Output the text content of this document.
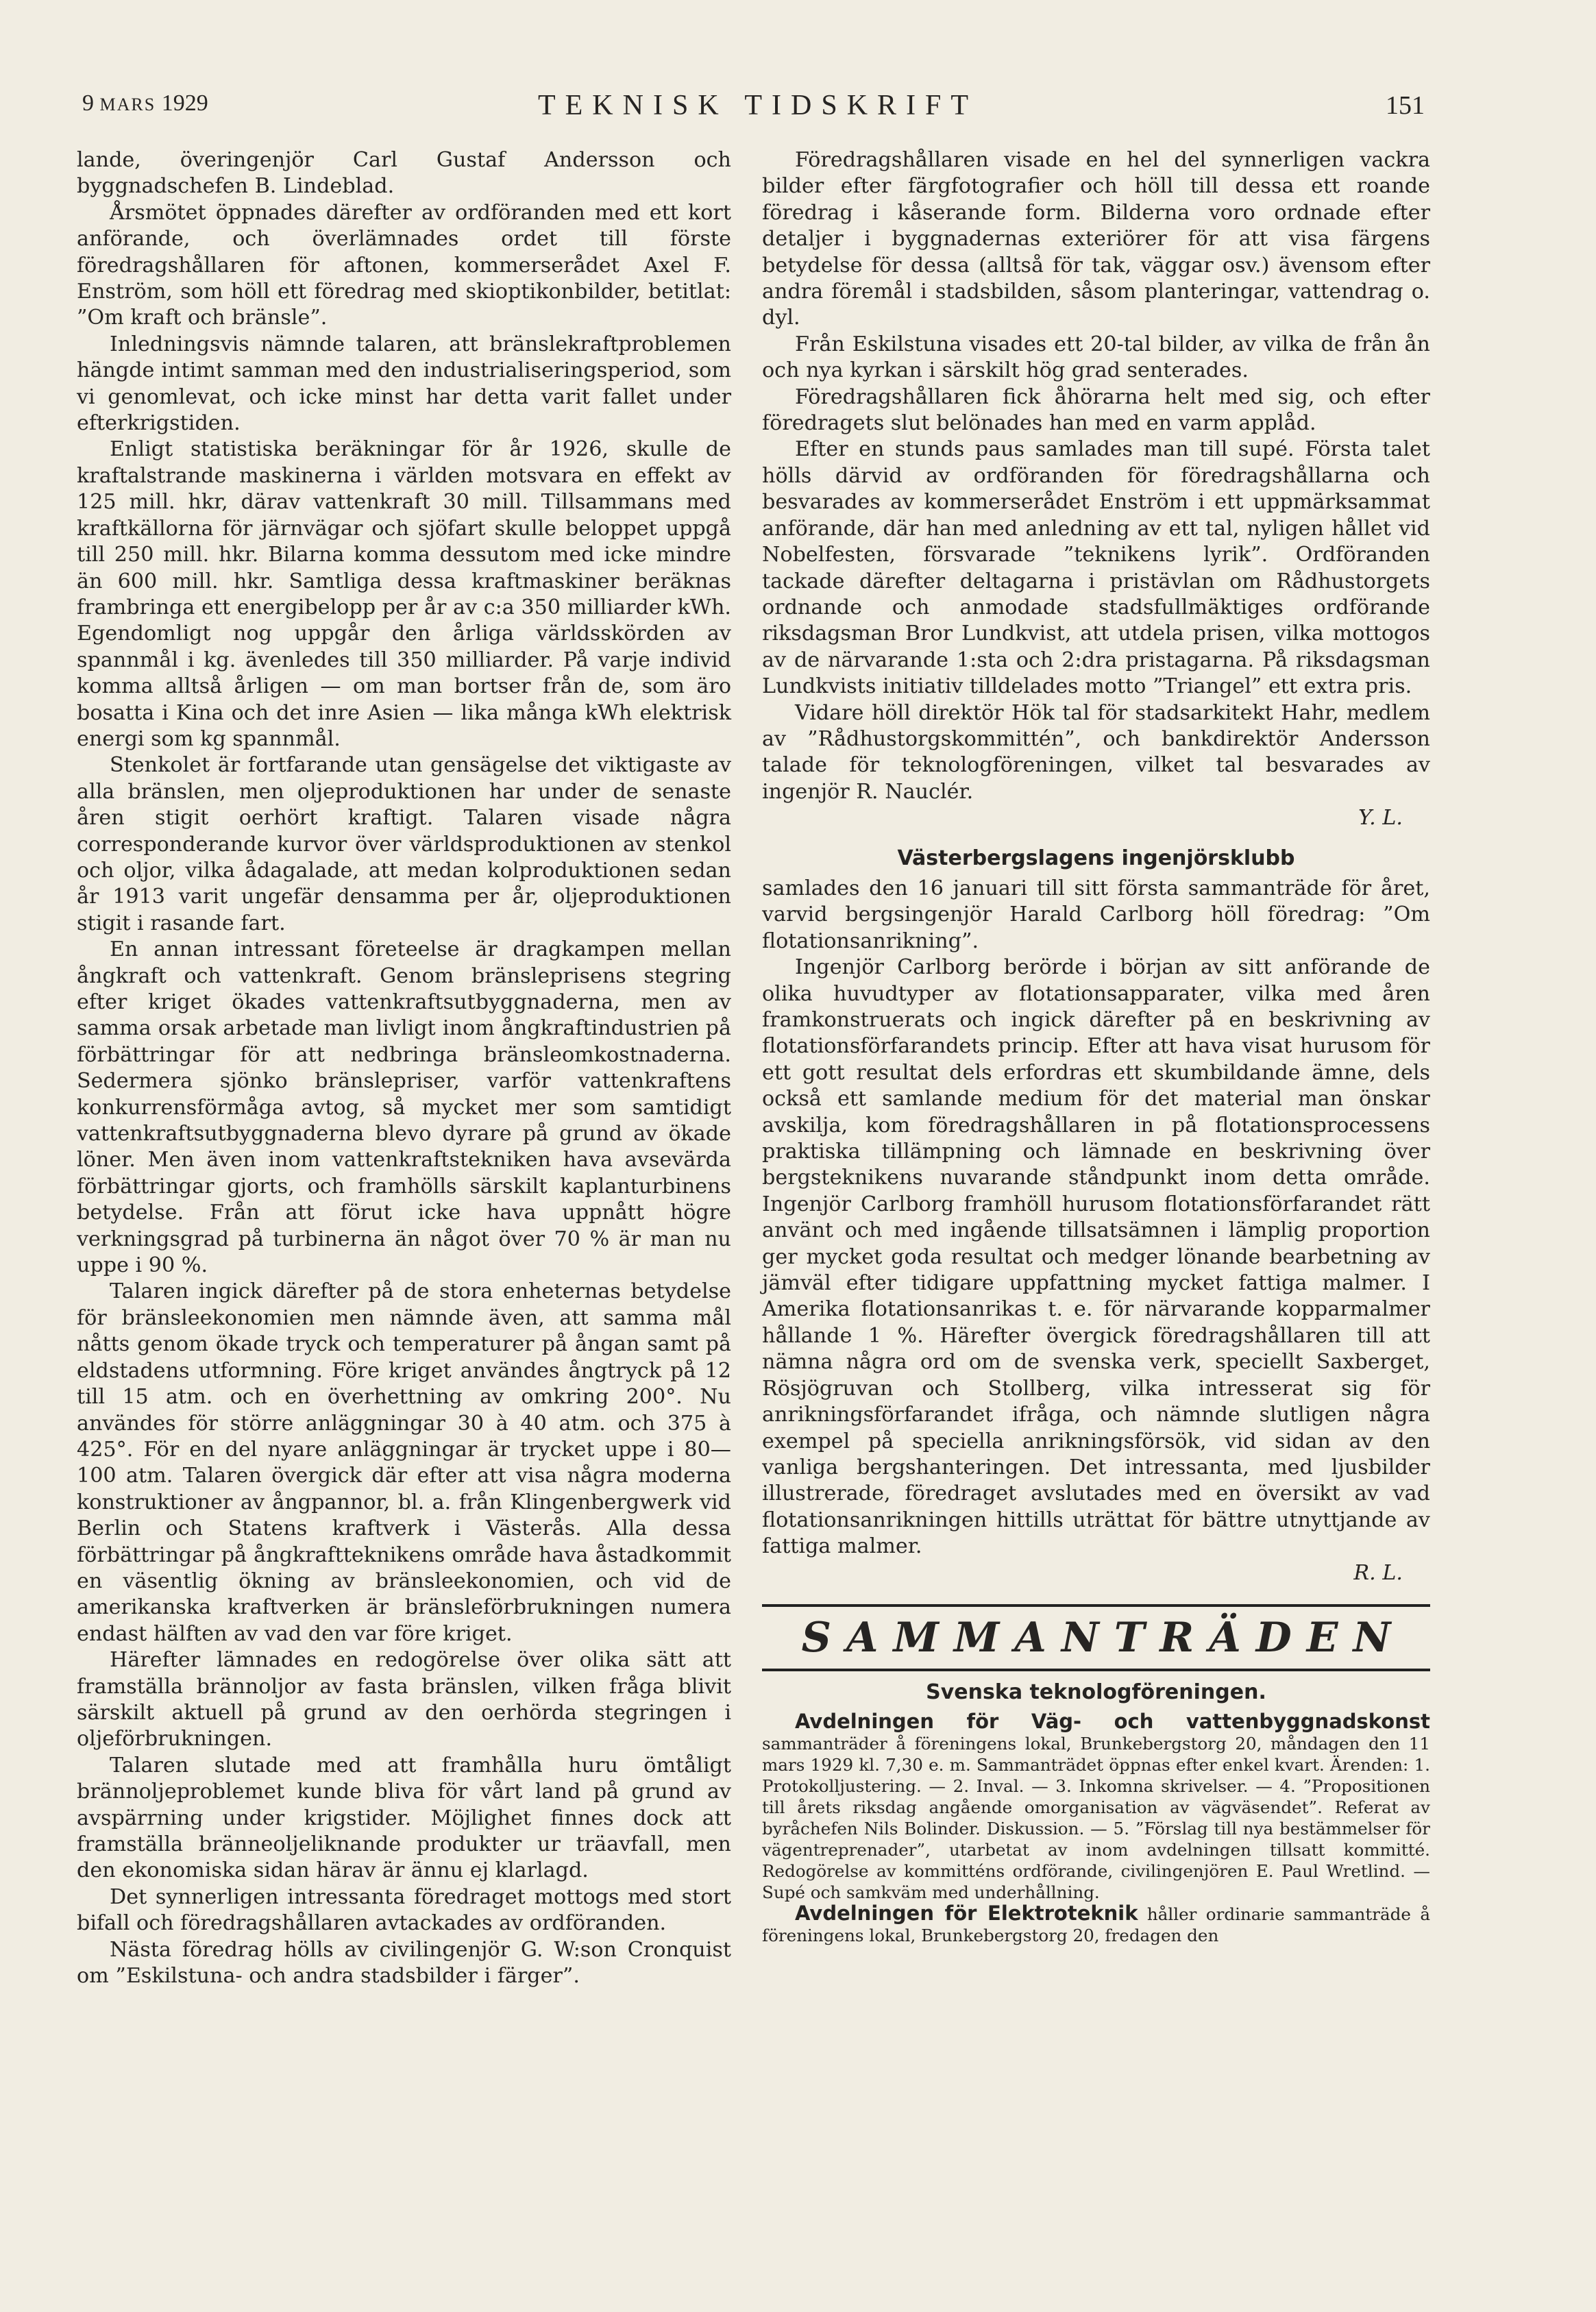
9 MARS 1929	TEKNISK TIDSKRIFT	151

lande, överingenjör Carl Gustaf Andersson och byggnadschefen B. Lindeblad.

Årsmötet öppnades därefter av ordföranden med ett kort anförande, och överlämnades ordet till förste föredragshållaren för aftonen, kommerserådet Axel F. Enström, som höll ett föredrag med skioptikonbilder, betitlat: ”Om kraft och bränsle”.

Inledningsvis nämnde talaren, att bränslekraftproblemen hängde intimt samman med den industrialiseringsperiod, som vi genomlevat, och icke minst har detta varit fallet under efterkrigstiden.

Enligt statistiska beräkningar för år 1926, skulle de kraftalstrande maskinerna i världen motsvara en effekt av 125 mill. hkr, därav vattenkraft 30 mill. Tillsammans med kraftkällorna för järnvägar och sjöfart skulle beloppet uppgå till 250 mill. hkr. Bilarna komma dessutom med icke mindre än 600 mill. hkr. Samtliga dessa kraftmaskiner beräknas frambringa ett energibelopp per år av c:a 350 milliarder kWh. Egendomligt nog uppgår den årliga världsskörden av spannmål i kg. ävenledes till 350 milliarder. På varje individ komma alltså årligen — om man bortser från de, som äro bosatta i Kina och det inre Asien — lika många kWh elektrisk energi som kg spannmål.

Stenkolet är fortfarande utan gensägelse det viktigaste av alla bränslen, men oljeproduktionen har under de senaste åren stigit oerhört kraftigt. Talaren visade några corresponderande kurvor över världsproduktionen av stenkol och oljor, vilka ådagalade, att medan kolproduktionen sedan år 1913 varit ungefär densamma per år, oljeproduktionen stigit i rasande fart.

En annan intressant företeelse är dragkampen mellan ångkraft och vattenkraft. Genom bränsleprisens stegring efter kriget ökades vattenkraftsutbyggnaderna, men av samma orsak arbetade man livligt inom ångkraftindustrien på förbättringar för att nedbringa bränsleomkostnaderna. Sedermera sjönko bränslepriser, varför vattenkraftens konkurrensförmåga avtog, så mycket mer som samtidigt vattenkraftsutbyggnaderna blevo dyrare på grund av ökade löner. Men även inom vattenkraftstekniken hava avsevärda förbättringar gjorts, och framhölls särskilt kaplanturbinens betydelse. Från att förut icke hava uppnått högre verkningsgrad på turbinerna än något över 70 % är man nu uppe i 90 %.

Talaren ingick därefter på de stora enheternas betydelse för bränsleekonomien men nämnde även, att samma mål nåtts genom ökade tryck och temperaturer på ångan samt på eldstadens utformning. Före kriget användes ångtryck på 12 till 15 atm. och en överhettning av omkring 200°. Nu användes för större anläggningar 30 à 40 atm. och 375 à 425°. För en del nyare anläggningar är trycket uppe i 80—100 atm. Talaren övergick där efter att visa några moderna konstruktioner av ångpannor, bl. a. från Klingenbergwerk vid Berlin och Statens kraftverk i Västerås. Alla dessa förbättringar på ångkraftteknikens område hava åstadkommit en väsentlig ökning av bränsleekonomien, och vid de amerikanska kraftverken är bränsleförbrukningen numera endast hälften av vad den var före kriget.

Härefter lämnades en redogörelse över olika sätt att framställa brännoljor av fasta bränslen, vilken fråga blivit särskilt aktuell på grund av den oerhörda stegringen i oljeförbrukningen.

Talaren slutade med att framhålla huru ömtåligt brännoljeproblemet kunde bliva för vårt land på grund av avspärrning under krigstider. Möjlighet finnes dock att framställa bränneoljeliknande produkter ur träavfall, men den ekonomiska sidan härav är ännu ej klarlagd.

Det synnerligen intressanta föredraget mottogs med stort bifall och föredragshållaren avtackades av ordföranden.

Nästa föredrag hölls av civilingenjör G. W:son Cronquist om ”Eskilstuna- och andra stadsbilder i färger”.

Föredragshållaren visade en hel del synnerligen vackra bilder efter färgfotografier och höll till dessa ett roande föredrag i kåserande form. Bilderna voro ordnade efter detaljer i byggnadernas exteriörer för att visa färgens betydelse för dessa (alltså för tak, väggar osv.) ävensom efter andra föremål i stadsbilden, såsom planteringar, vattendrag o. dyl.

Från Eskilstuna visades ett 20-tal bilder, av vilka de från ån och nya kyrkan i särskilt hög grad senterades.

Föredragshållaren fick åhörarna helt med sig, och efter föredragets slut belönades han med en varm applåd.

Efter en stunds paus samlades man till supé. Första talet hölls därvid av ordföranden för föredragshållarna och besvarades av kommerserådet Enström i ett uppmärksammat anförande, där han med anledning av ett tal, nyligen hållet vid Nobelfesten, försvarade ”teknikens lyrik”. Ordföranden tackade därefter deltagarna i pristävlan om Rådhustorgets ordnande och anmodade stadsfullmäktiges ordförande riksdagsman Bror Lundkvist, att utdela prisen, vilka mottogos av de närvarande 1:sta och 2:dra pristagarna. På riksdagsman Lundkvists initiativ tilldelades motto ”Triangel” ett extra pris.

Vidare höll direktör Hök tal för stadsarkitekt Hahr, medlem av ”Rådhustorgskommittén”, och bankdirektör Andersson talade för teknologföreningen, vilket tal besvarades av ingenjör R. Nauclér.

Y. L.
Västerbergslagens ingenjörsklubb

samlades den 16 januari till sitt första sammanträde för året, varvid bergsingenjör Harald Carlborg höll föredrag: ”Om flotationsanrikning”.

Ingenjör Carlborg berörde i början av sitt anförande de olika huvudtyper av flotationsapparater, vilka med åren framkonstruerats och ingick därefter på en beskrivning av flotationsförfarandets princip. Efter att hava visat hurusom för ett gott resultat dels erfordras ett skumbildande ämne, dels också ett samlande medium för det material man önskar avskilja, kom föredragshållaren in på flotationsprocessens praktiska tillämpning och lämnade en beskrivning över bergsteknikens nuvarande ståndpunkt inom detta område. Ingenjör Carlborg framhöll hurusom flotationsförfarandet rätt använt och med ingående tillsatsämnen i lämplig proportion ger mycket goda resultat och medger lönande bearbetning av jämväl efter tidigare uppfattning mycket fattiga malmer. I Amerika flotationsanrikas t. e. för närvarande kopparmalmer hållande 1 %. Härefter övergick föredragshållaren till att nämna några ord om de svenska verk, speciellt Saxberget, Rösjögruvan och Stollberg, vilka intresserat sig för anrikningsförfarandet ifråga, och nämnde slutligen några exempel på speciella anrikningsförsök, vid sidan av den vanliga bergshanteringen. Det intressanta, med ljusbilder illustrerade, föredraget avslutades med en översikt av vad flotationsanrikningen hittills uträttat för bättre utnyttjande av fattiga malmer.

R. L.
SAMMANTRÄDEN
Svenska teknologföreningen.

Avdelningen för Väg- och vattenbyggnadskonst sammanträder å föreningens lokal, Brunkebergstorg 20, måndagen den 11 mars 1929 kl. 7,30 e. m. Sammanträdet öppnas efter enkel kvart. Ärenden: 1. Protokolljustering. — 2. Inval. — 3. Inkomna skrivelser. — 4. ”Propositionen till årets riksdag angående omorganisation av vägväsendet”. Referat av byråchefen Nils Bolinder. Diskussion. — 5. ”Förslag till nya bestämmelser för vägentreprenader”, utarbetat av inom avdelningen tillsatt kommitté. Redogörelse av kommitténs ordförande, civilingenjören E. Paul Wretlind. — Supé och samkväm med underhållning.

Avdelningen för Elektroteknik håller ordinarie sammanträde å föreningens lokal, Brunkebergstorg 20, fredagen den
